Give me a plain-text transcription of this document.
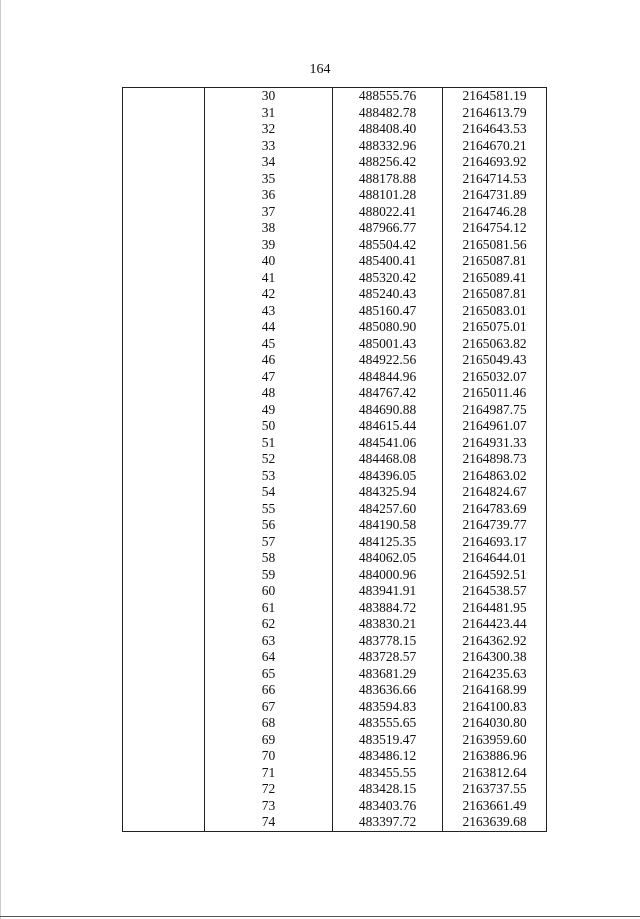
164
	30	488555.76	2164581.19
	31	488482.78	2164613.79
	32	488408.40	2164643.53
	33	488332.96	2164670.21
	34	488256.42	2164693.92
	35	488178.88	2164714.53
	36	488101.28	2164731.89
	37	488022.41	2164746.28
	38	487966.77	2164754.12
	39	485504.42	2165081.56
	40	485400.41	2165087.81
	41	485320.42	2165089.41
	42	485240.43	2165087.81
	43	485160.47	2165083.01
	44	485080.90	2165075.01
	45	485001.43	2165063.82
	46	484922.56	2165049.43
	47	484844.96	2165032.07
	48	484767.42	2165011.46
	49	484690.88	2164987.75
	50	484615.44	2164961.07
	51	484541.06	2164931.33
	52	484468.08	2164898.73
	53	484396.05	2164863.02
	54	484325.94	2164824.67
	55	484257.60	2164783.69
	56	484190.58	2164739.77
	57	484125.35	2164693.17
	58	484062.05	2164644.01
	59	484000.96	2164592.51
	60	483941.91	2164538.57
	61	483884.72	2164481.95
	62	483830.21	2164423.44
	63	483778.15	2164362.92
	64	483728.57	2164300.38
	65	483681.29	2164235.63
	66	483636.66	2164168.99
	67	483594.83	2164100.83
	68	483555.65	2164030.80
	69	483519.47	2163959.60
	70	483486.12	2163886.96
	71	483455.55	2163812.64
	72	483428.15	2163737.55
	73	483403.76	2163661.49
	74	483397.72	2163639.68
